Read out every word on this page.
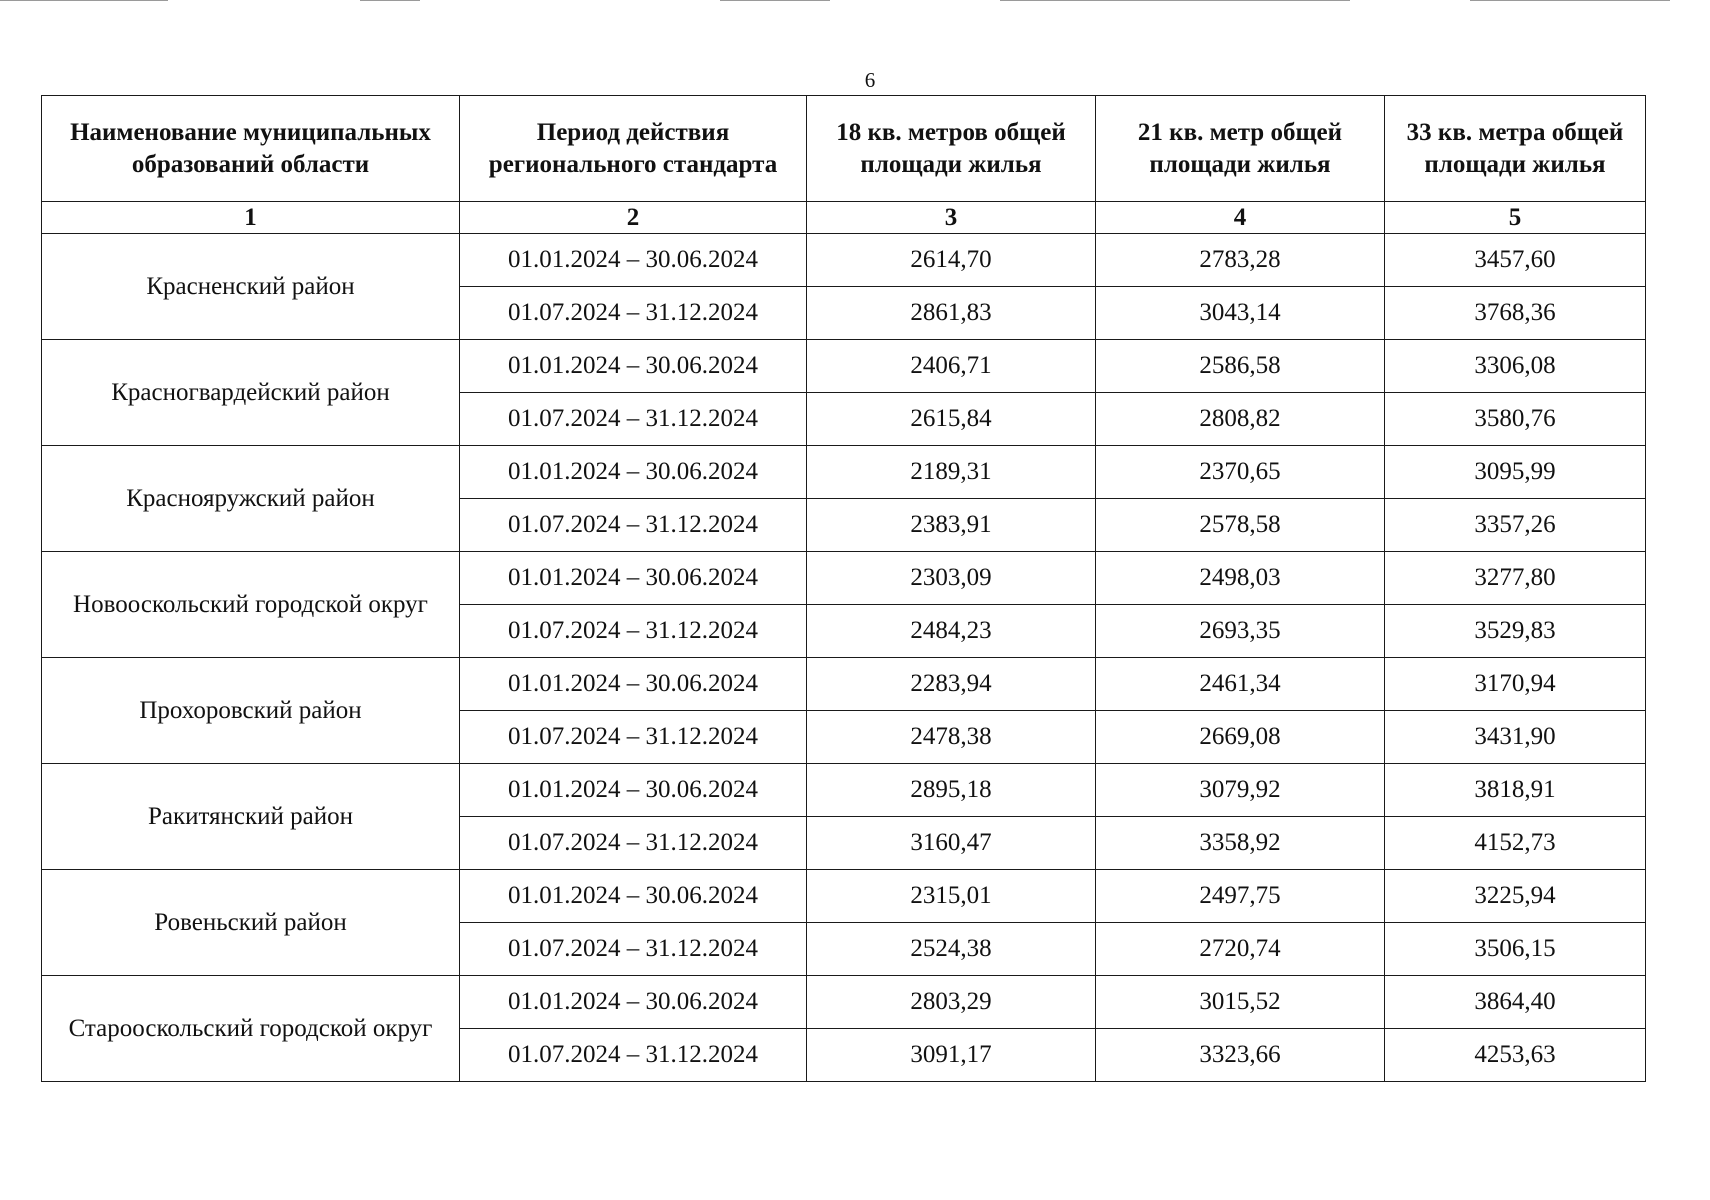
6
Наименование муниципальных образований области	Период действия регионального стандарта	18 кв. метров общей площади жилья	21 кв. метр общей площади жилья	33 кв. метра общей площади жилья
1	2	3	4	5
Красненский район	01.01.2024 – 30.06.2024	2614,70	2783,28	3457,60
	01.07.2024 – 31.12.2024	2861,83	3043,14	3768,36
Красногвардейский район	01.01.2024 – 30.06.2024	2406,71	2586,58	3306,08
	01.07.2024 – 31.12.2024	2615,84	2808,82	3580,76
Краснояружский район	01.01.2024 – 30.06.2024	2189,31	2370,65	3095,99
	01.07.2024 – 31.12.2024	2383,91	2578,58	3357,26
Новооскольский городской округ	01.01.2024 – 30.06.2024	2303,09	2498,03	3277,80
	01.07.2024 – 31.12.2024	2484,23	2693,35	3529,83
Прохоровский район	01.01.2024 – 30.06.2024	2283,94	2461,34	3170,94
	01.07.2024 – 31.12.2024	2478,38	2669,08	3431,90
Ракитянский район	01.01.2024 – 30.06.2024	2895,18	3079,92	3818,91
	01.07.2024 – 31.12.2024	3160,47	3358,92	4152,73
Ровеньский район	01.01.2024 – 30.06.2024	2315,01	2497,75	3225,94
	01.07.2024 – 31.12.2024	2524,38	2720,74	3506,15
Старооскольский городской округ	01.01.2024 – 30.06.2024	2803,29	3015,52	3864,40
	01.07.2024 – 31.12.2024	3091,17	3323,66	4253,63
